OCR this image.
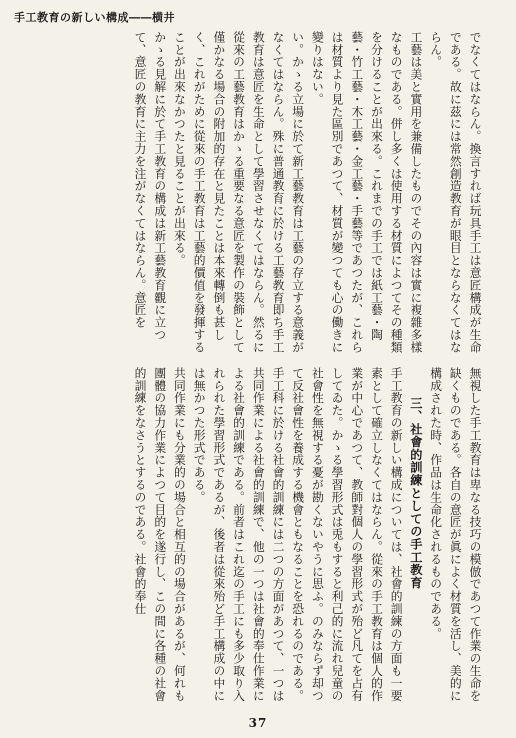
手工教育の新しい構成――横井

でなくてはならん。換言すれば玩具手工は意匠構成が生命である。故に茲には常然創造教育が眼目とならなくてはならん。

工藝は美と實用を兼備したものでその內容は實に複雜多樣なものである。併し多くは使用する材質によつてその種類を分けることが出來る。これまでの手工では紙工藝・陶藝・竹工藝・木工藝・金工藝・手藝等であつたが、これらは材質より見た區別であつて、材質が變つても心の働きに變りはない。

い。かゝる立場に於て新工藝教育は工藝の存立する意義がなくてはならん。殊に普通教育に於ける工藝教育即ち手工教育は意匠を生命として學習させなくてはならん。然るに從來の工藝教育はかゝる重要なる意匠を製作の裝飾として僅かなる場合の附加的存在と見たことは本來轉倒も甚しく、これがために從來の手工教育は工藝的價值を發揮することが出來なかつたと見ることが出來る。

かゝる見解に於て手工教育の構成は新工藝教育觀に立つて、意匠の教育に主力を注がなくてはならん。意匠を

無視した手工教育は卑なる技巧の模倣であつて作業の生命を缺くものである。各自の意匠が眞によく材質を活し、美的に構成された時、作品は生命化されるものである。

三、社會的訓練としての手工教育

手工教育の新しい構成については、社會的訓練の方面も一要素として確立しなくてはならん。從來の手工教育は個人的作業が中心であつて、教師對個人の學習形式が殆ど凡てを占有してゐた。かゝる學習形式は兎もすると利己的に流れ兒童の社會性を無視する憂が勘くないやうに思ふ。のみならず却つて反社會性を養成する機會ともなることを恐れるのである。

手工科に於ける社會的訓練には二つの方面があつて、一つは共同作業による社會的訓練で、他の一つは社會的奉仕作業による社會的訓練である。前者はこれ迄の手工にも多少取り入れられた學習形式であるが、後者は從來殆ど手工構成の中には無かつた形式である。

共同作業にも分業的の場合と相互的の場合があるが、何れも團體の協力作業によつて目的を遂行し、この間に各種の社會的訓練をなさうとするのである。社會的奉仕

37
